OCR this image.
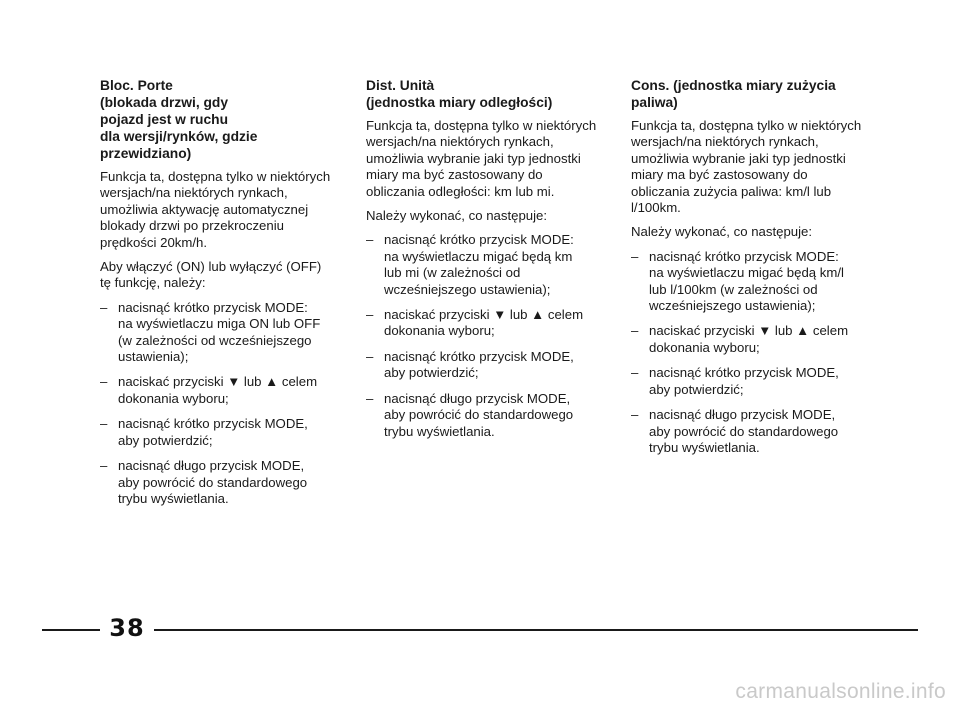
Bloc. Porte
(blokada drzwi, gdy
pojazd jest w ruchu
dla wersji/rynków, gdzie
przewidziano)

Funkcja ta, dostępna tylko w niektórych wersjach/na niektórych rynkach, umożliwia aktywację automatycznej blokady drzwi po przekroczeniu prędkości 20km/h.

Aby włączyć (ON) lub wyłączyć (OFF) tę funkcję, należy:

– nacisnąć krótko przycisk MODE:
na wyświetlaczu miga ON lub OFF
(w zależności od wcześniejszego
ustawienia);
– naciskać przyciski ▼ lub ▲ celem
dokonania wyboru;
– nacisnąć krótko przycisk MODE,
aby potwierdzić;
– nacisnąć długo przycisk MODE,
aby powrócić do standardowego
trybu wyświetlania.
Dist. Unità
(jednostka miary odległości)

Funkcja ta, dostępna tylko w niektórych wersjach/na niektórych rynkach, umożliwia wybranie jaki typ jednostki miary ma być zastosowany do obliczania odległości: km lub mi.

Należy wykonać, co następuje:

– nacisnąć krótko przycisk MODE:
na wyświetlaczu migać będą km
lub mi (w zależności od
wcześniejszego ustawienia);
– naciskać przyciski ▼ lub ▲ celem
dokonania wyboru;
– nacisnąć krótko przycisk MODE,
aby potwierdzić;
– nacisnąć długo przycisk MODE,
aby powrócić do standardowego
trybu wyświetlania.
Cons. (jednostka miary zużycia
paliwa)

Funkcja ta, dostępna tylko w niektórych wersjach/na niektórych rynkach, umożliwia wybranie jaki typ jednostki miary ma być zastosowany do obliczania zużycia paliwa: km/l lub l/100km.

Należy wykonać, co następuje:

– nacisnąć krótko przycisk MODE:
na wyświetlaczu migać będą km/l
lub l/100km (w zależności od
wcześniejszego ustawienia);
– naciskać przyciski ▼ lub ▲ celem
dokonania wyboru;
– nacisnąć krótko przycisk MODE,
aby potwierdzić;
– nacisnąć długo przycisk MODE,
aby powrócić do standardowego
trybu wyświetlania.
38
carmanualsonline.info
